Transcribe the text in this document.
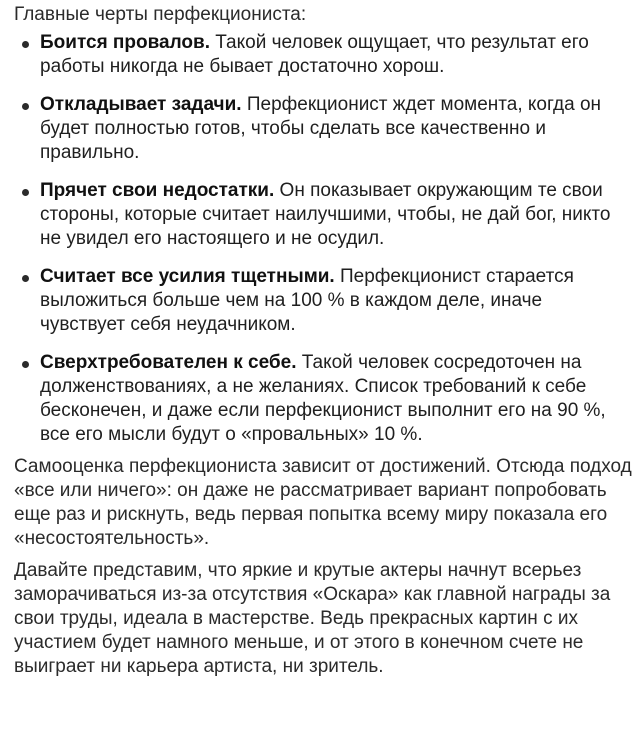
Главные черты перфекциониста:

Боится провалов. Такой человек ощущает, что результат его работы никогда не бывает достаточно хорош.
Откладывает задачи. Перфекционист ждет момента, когда он будет полностью готов, чтобы сделать все качественно и правильно.
Прячет свои недостатки. Он показывает окружающим те свои стороны, которые считает наилучшими, чтобы, не дай бог, никто не увидел его настоящего и не осудил.
Считает все усилия тщетными. Перфекционист старается выложиться больше чем на 100 % в каждом деле, иначе чувствует себя неудачником.
Сверхтребователен к себе. Такой человек сосредоточен на долженствованиях, а не желаниях. Список требований к себе бесконечен, и даже если перфекционист выполнит его на 90 %, все его мысли будут о «провальных» 10 %.

Самооценка перфекциониста зависит от достижений. Отсюда подход «все или ничего»: он даже не рассматривает вариант попробовать еще раз и рискнуть, ведь первая попытка всему миру показала его «несостоятельность».

Давайте представим, что яркие и крутые актеры начнут всерьез заморачиваться из-за отсутствия «Оскара» как главной награды за свои труды, идеала в мастерстве. Ведь прекрасных картин с их участием будет намного меньше, и от этого в конечном счете не выиграет ни карьера артиста, ни зритель.
